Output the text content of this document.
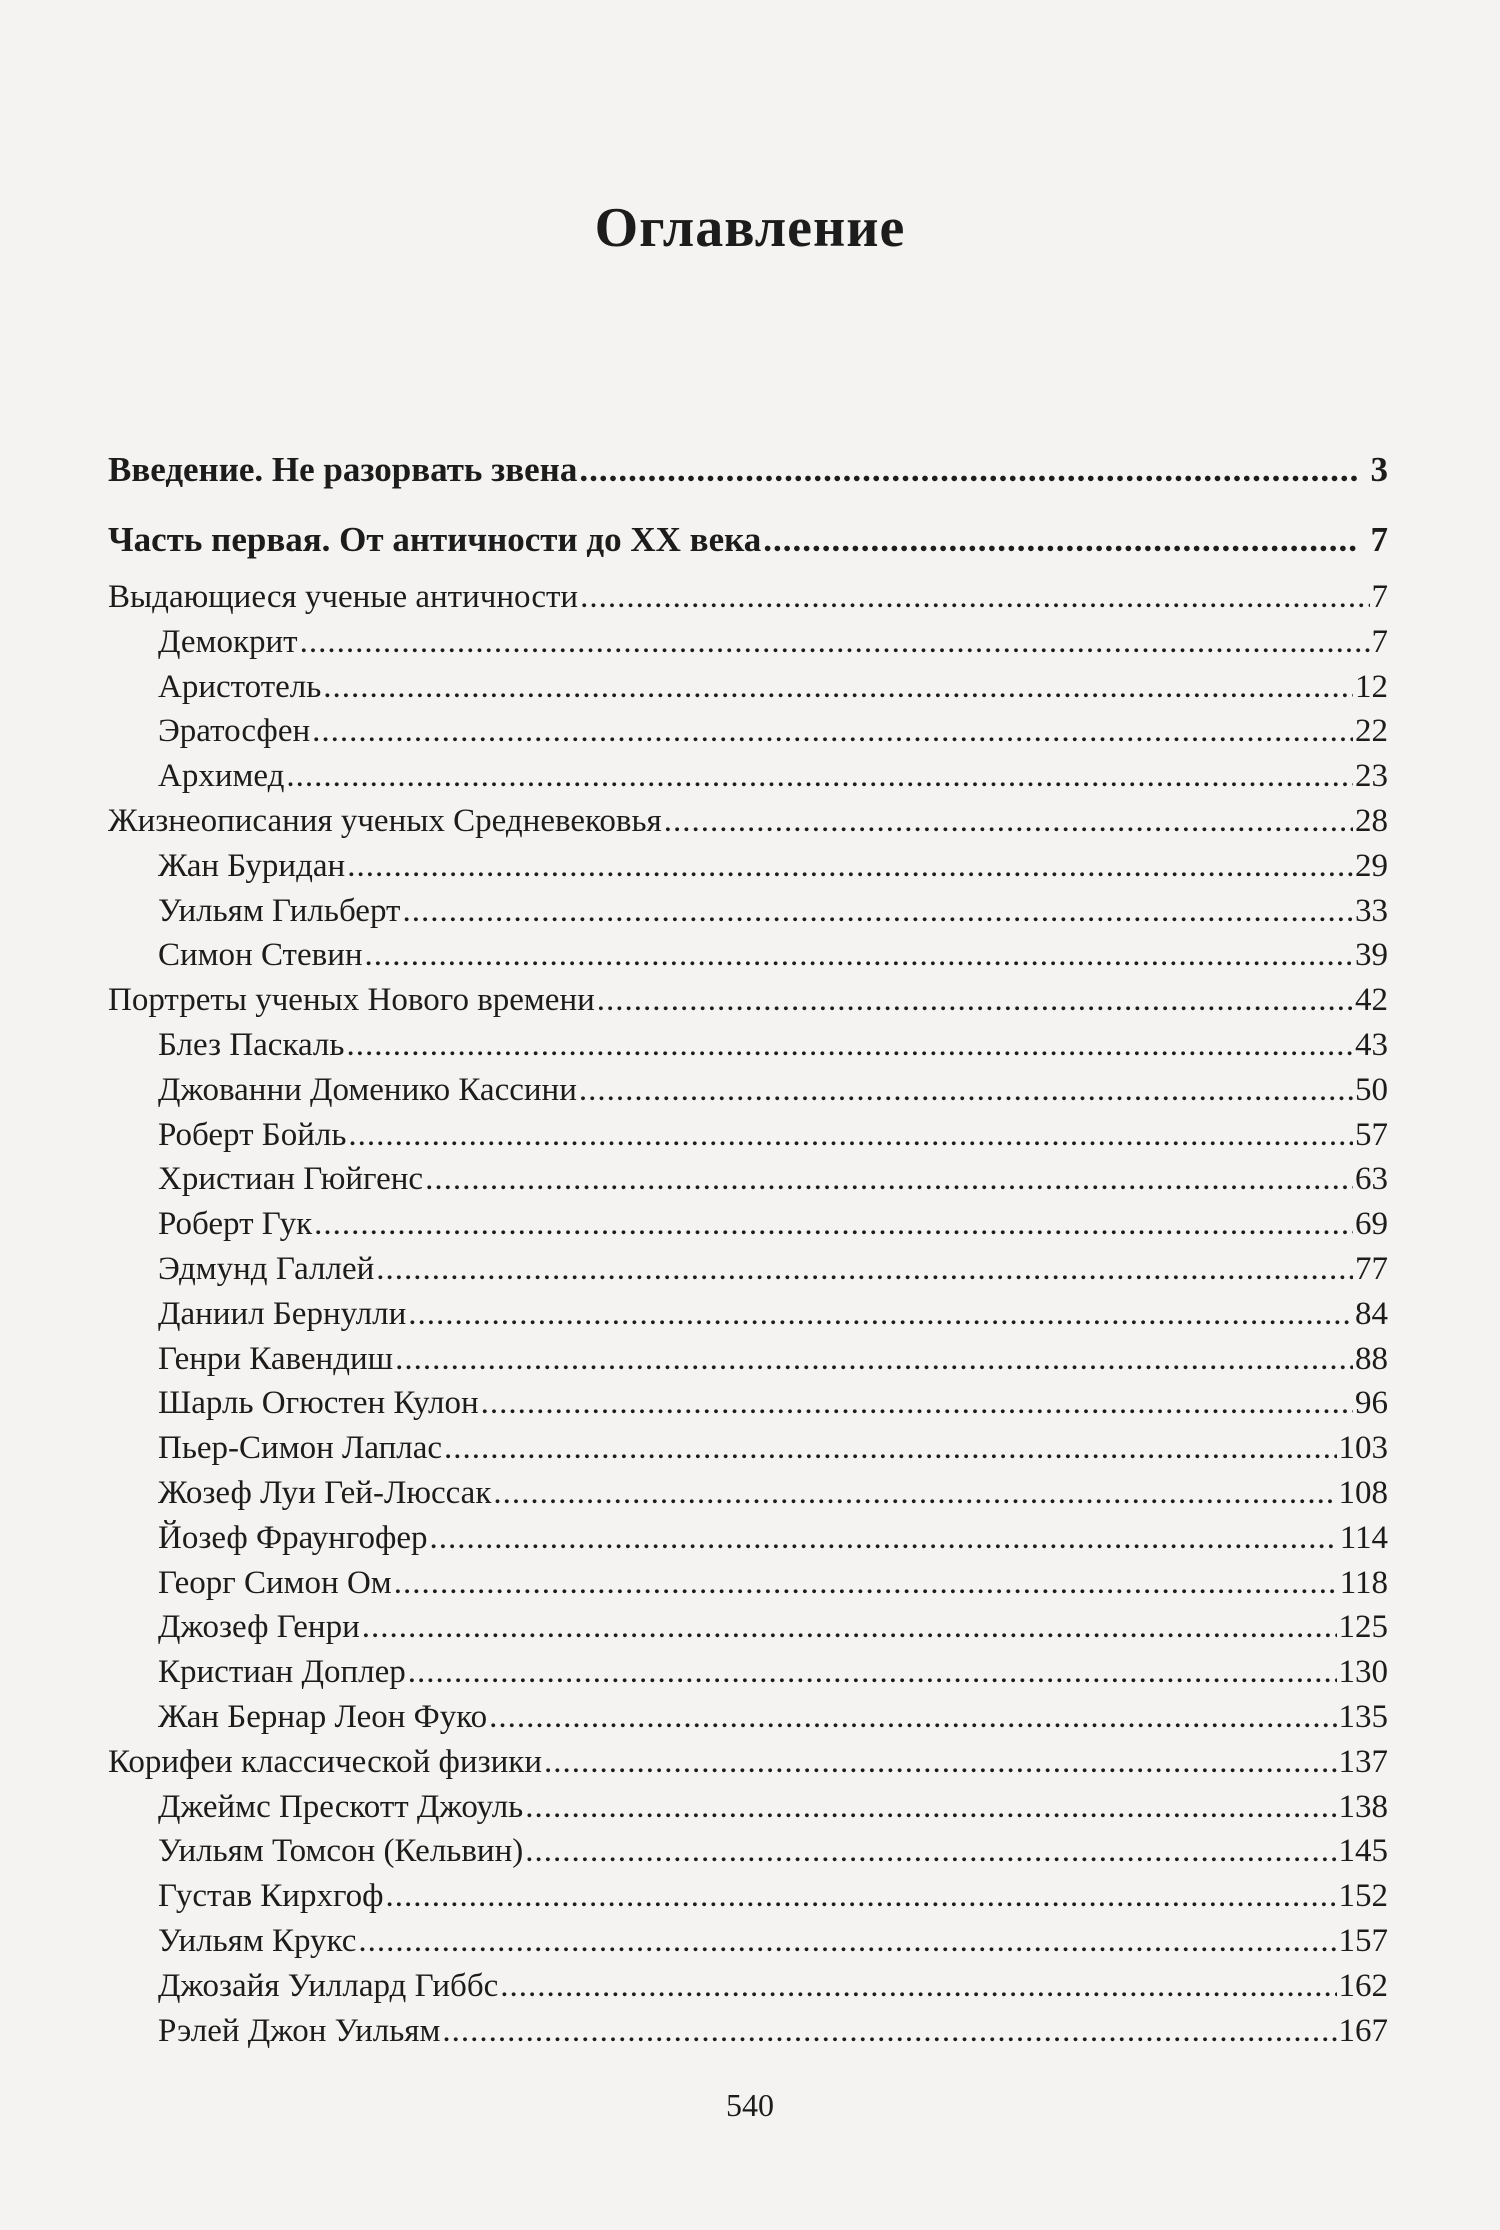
Оглавление
Введение. Не разорвать звена .....	3
Часть первая. От античности до XX века .....	7
Выдающиеся ученые античности .....	7
Демокрит .....	7
Аристотель .....	12
Эратосфен .....	22
Архимед .....	23
Жизнеописания ученых Средневековья .....	28
Жан Буридан .....	29
Уильям Гильберт .....	33
Симон Стевин .....	39
Портреты ученых Нового времени .....	42
Блез Паскаль .....	43
Джованни Доменико Кассини .....	50
Роберт Бойль .....	57
Христиан Гюйгенс .....	63
Роберт Гук .....	69
Эдмунд Галлей .....	77
Даниил Бернулли .....	84
Генри Кавендиш .....	88
Шарль Огюстен Кулон .....	96
Пьер-Симон Лаплас .....	103
Жозеф Луи Гей-Люссак .....	108
Йозеф Фраунгофер .....	114
Георг Симон Ом .....	118
Джозеф Генри .....	125
Кристиан Доплер .....	130
Жан Бернар Леон Фуко .....	135
Корифеи классической физики .....	137
Джеймс Прескотт Джоуль .....	138
Уильям Томсон (Кельвин) .....	145
Густав Кирхгоф .....	152
Уильям Крукс .....	157
Джозайя Уиллард Гиббс .....	162
Рэлей Джон Уильям .....	167
540
